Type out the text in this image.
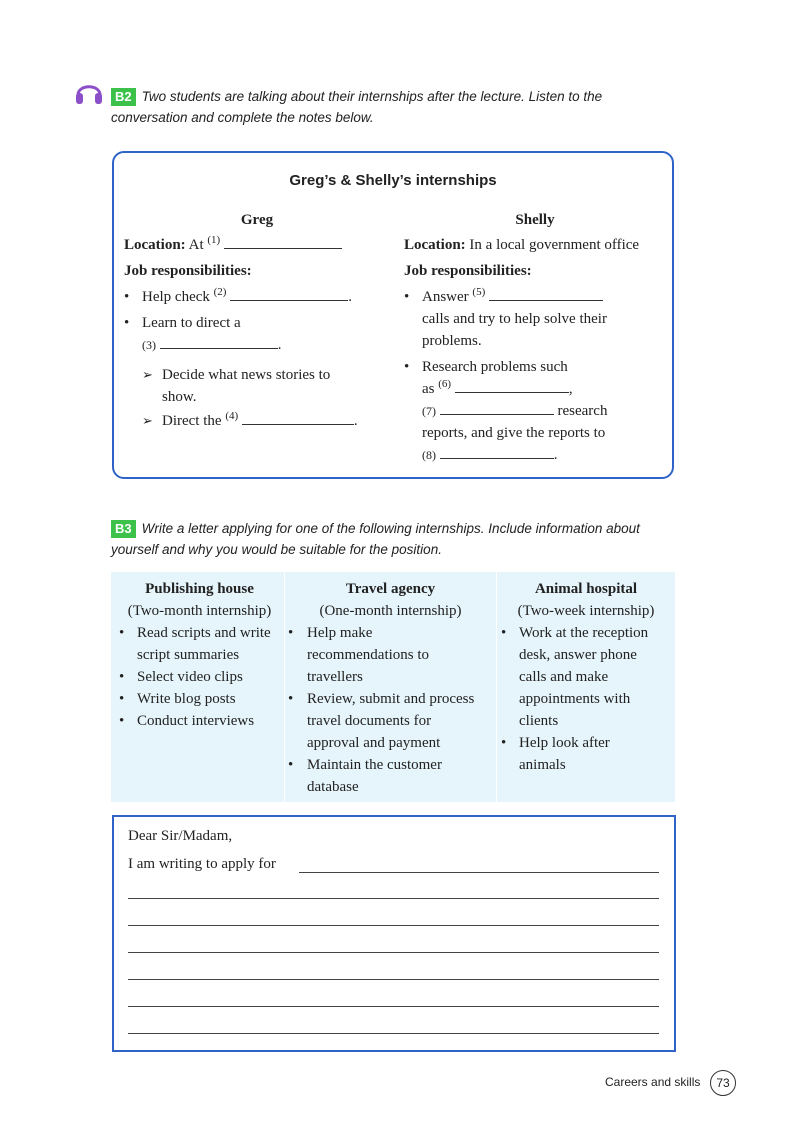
B2 Two students are talking about their internships after the lecture. Listen to the conversation and complete the notes below.
Greg’s & Shelly’s internships
Greg
Location: At $^{(1)}$
Job responsibilities:
• Help check $^{(2)}$	.
• Learn to direct a
(3)	.
➢ Decide what news stories to
show.
➢ Direct the $^{(4)}$	.
Shelly
Location: In a local government office
Job responsibilities:
• Answer $^{(5)}$
calls and try to help solve their
problems.
• Research problems such
as $^{(6)}$	,
(7)	research
reports, and give the reports to
(8)	.
B3 Write a letter applying for one of the following internships. Include information about yourself and why you would be suitable for the position.
Publishing house
(Two-month internship)
• Read scripts and write
script summaries
• Select video clips
• Write blog posts
• Conduct interviews
Travel agency
(One-month internship)
• Help make
recommendations to
travellers
• Review, submit and process
travel documents for
approval and payment
• Maintain the customer
database
Animal hospital
(Two-week internship)
• Work at the reception
desk, answer phone
calls and make
appointments with
clients
• Help look after
animals
Dear Sir/Madam,
I am writing to apply for
Careers and skills	73
